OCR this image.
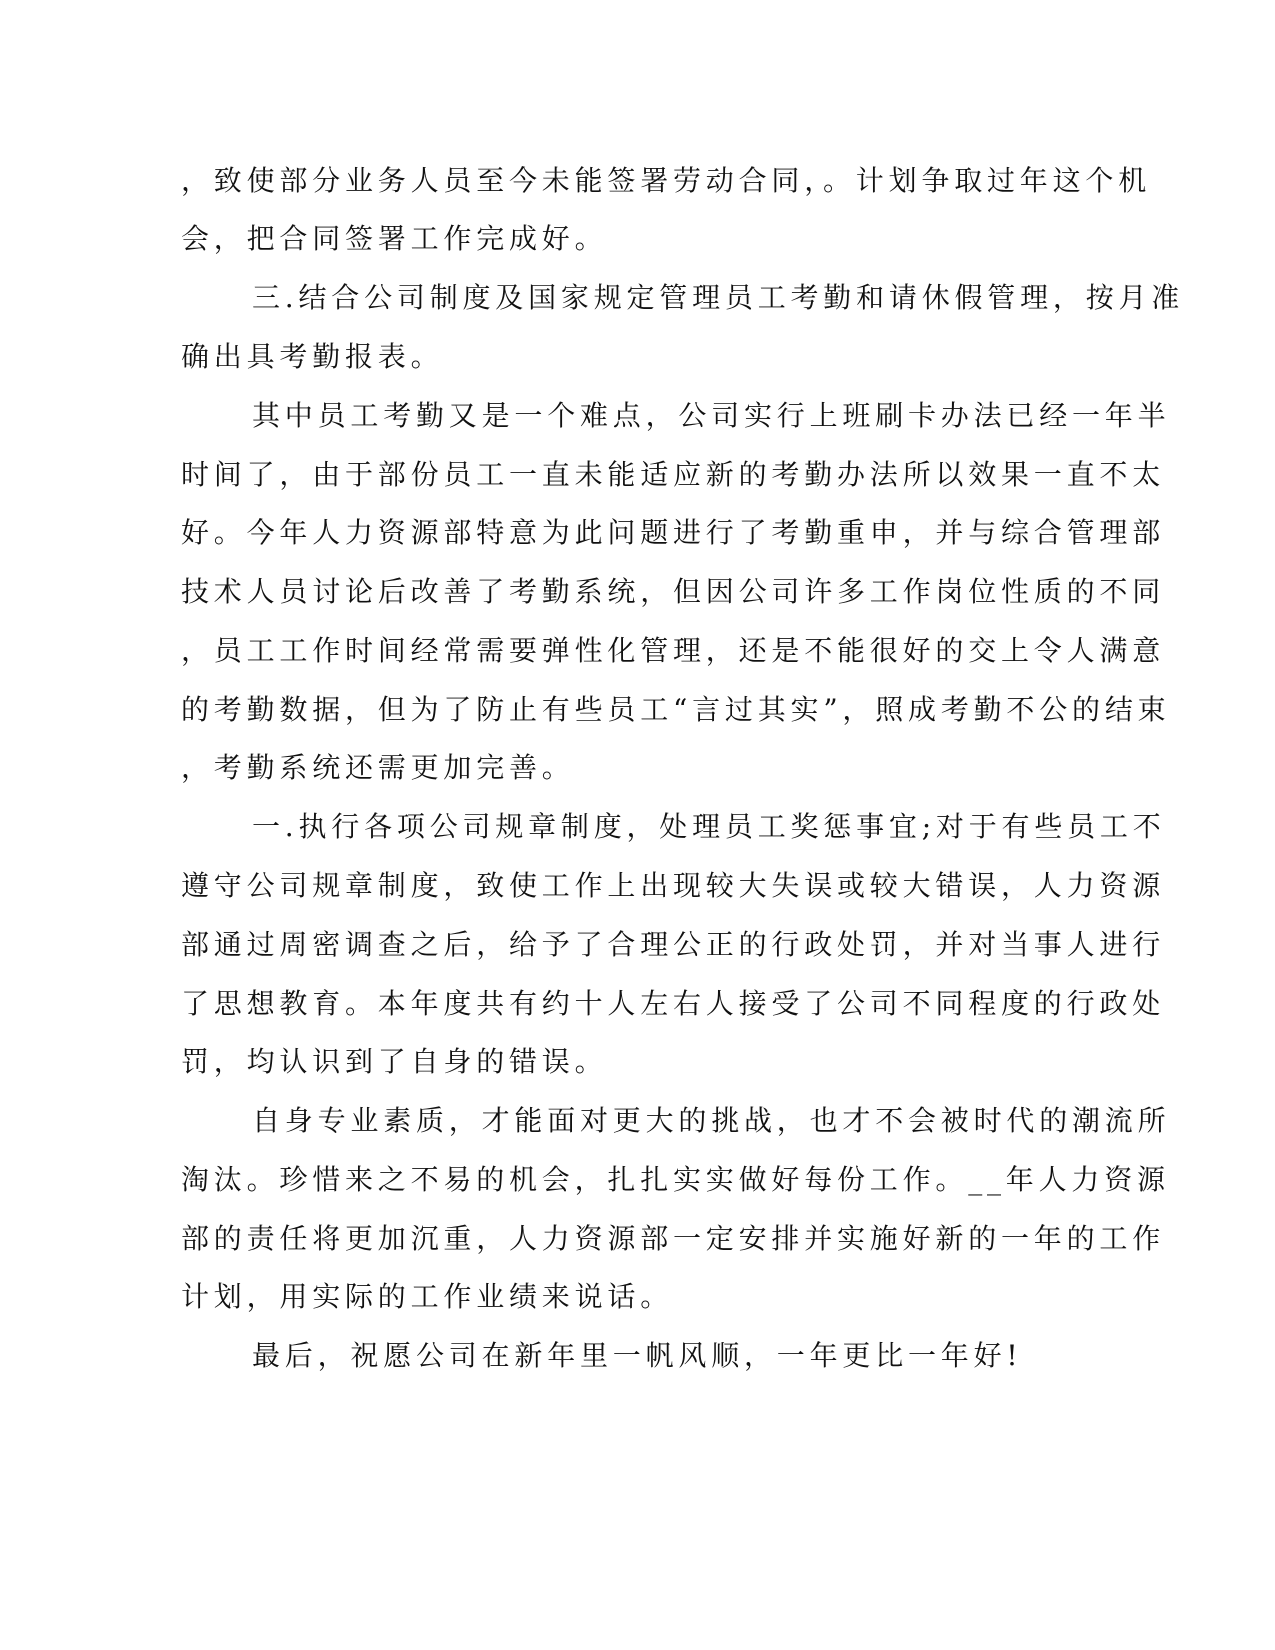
，致使部分业务人员至今未能签署劳动合同，。计划争取过年这个机
会，把合同签署工作完成好。
三.结合公司制度及国家规定管理员工考勤和请休假管理，按月准
确出具考勤报表。
其中员工考勤又是一个难点，公司实行上班刷卡办法已经一年半
时间了，由于部份员工一直未能适应新的考勤办法所以效果一直不太
好。今年人力资源部特意为此问题进行了考勤重申，并与综合管理部
技术人员讨论后改善了考勤系统，但因公司许多工作岗位性质的不同
，员工工作时间经常需要弹性化管理，还是不能很好的交上令人满意
的考勤数据，但为了防止有些员工“言过其实”，照成考勤不公的结束
，考勤系统还需更加完善。
一.执行各项公司规章制度，处理员工奖惩事宜;对于有些员工不
遵守公司规章制度，致使工作上出现较大失误或较大错误，人力资源
部通过周密调查之后，给予了合理公正的行政处罚，并对当事人进行
了思想教育。本年度共有约十人左右人接受了公司不同程度的行政处
罚，均认识到了自身的错误。
自身专业素质，才能面对更大的挑战，也才不会被时代的潮流所
淘汰。珍惜来之不易的机会，扎扎实实做好每份工作。__年人力资源
部的责任将更加沉重，人力资源部一定安排并实施好新的一年的工作
计划，用实际的工作业绩来说话。
最后，祝愿公司在新年里一帆风顺，一年更比一年好!
